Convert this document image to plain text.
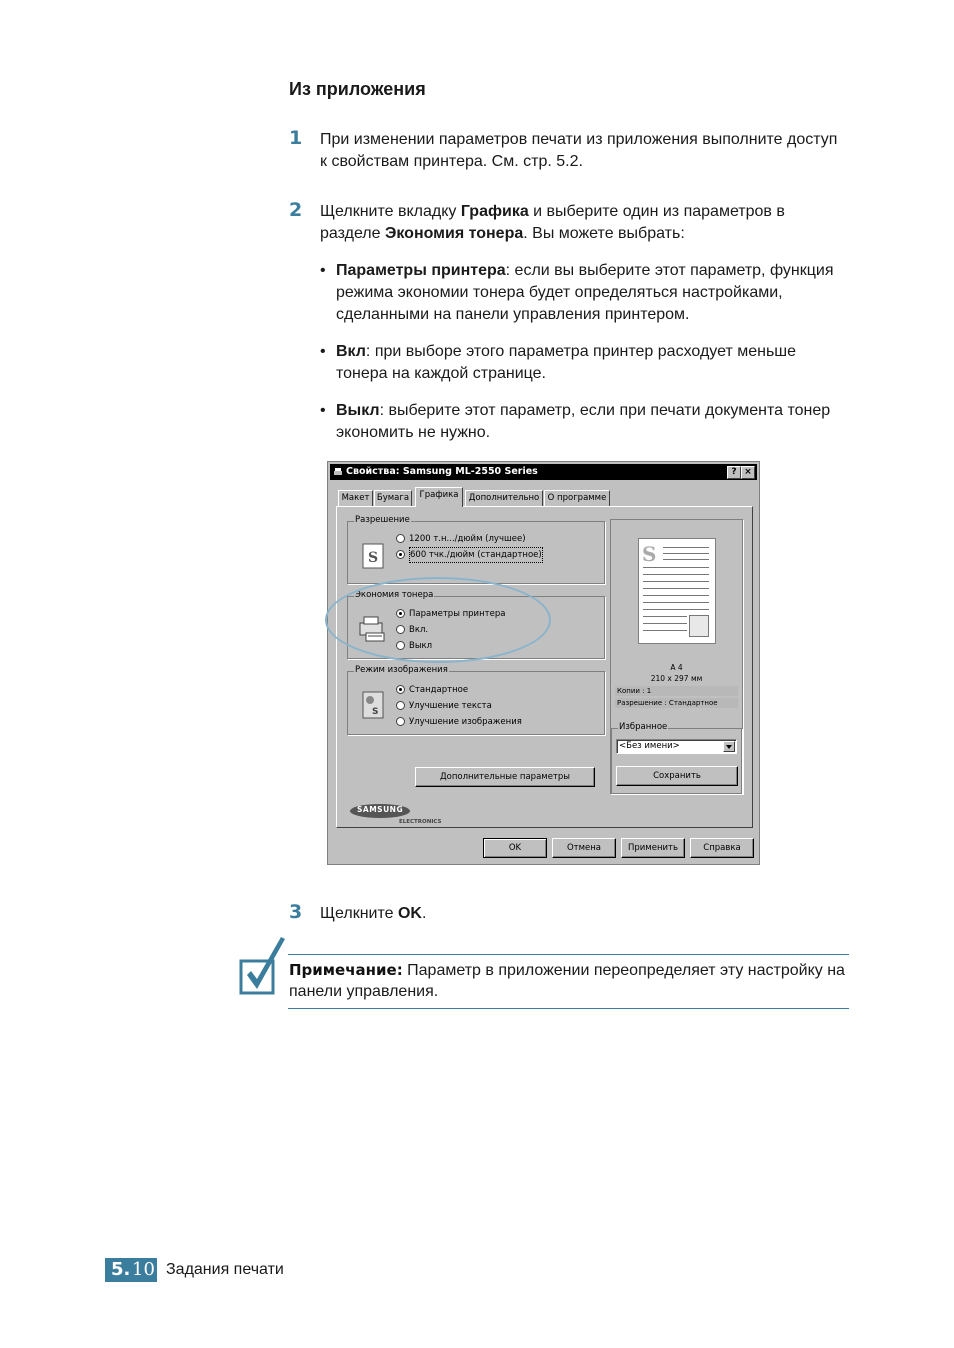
Из приложения
1 При изменении параметров печати из приложения выполните доступ к свойствам принтера. См. стр. 5.2.
2 Щелкните вкладку Графика и выберите один из параметров в разделе Экономия тонера. Вы можете выбрать:
• Параметры принтера: если вы выберите этот параметр, функция режима экономии тонера будет определяться настройками, сделанными на панели управления принтером.
• Вкл: при выборе этого параметра принтер расходует меньше тонера на каждой странице.
• Выкл: выберите этот параметр, если при печати документа тонер экономить не нужно.
Свойства: Samsung ML-2550 Series	? ×
Макет Бумага	Графика	Дополнительно О программе
Разрешение
S
1200 т.н.../дюйм (лучшее)
600 тчк./дюйм (стандартное)
Экономия тонера
Параметры принтера
Вкл.
Выкл
Режим изображения
S
Стандартное
Улучшение текста
Улучшение изображения
Дополнительные параметры
SAMSUNG
ELECTRONICS
S
A 4
210 x 297 мм
Копии : 1
Разрешение : Стандартное
Избранное
<Без имени>
Сохранить
OK	Отмена	Применить	Справка
3 Щелкните OK.
Примечание: Параметр в приложении переопределяет эту настройку на панели управления.
5. 10 Задания печати
